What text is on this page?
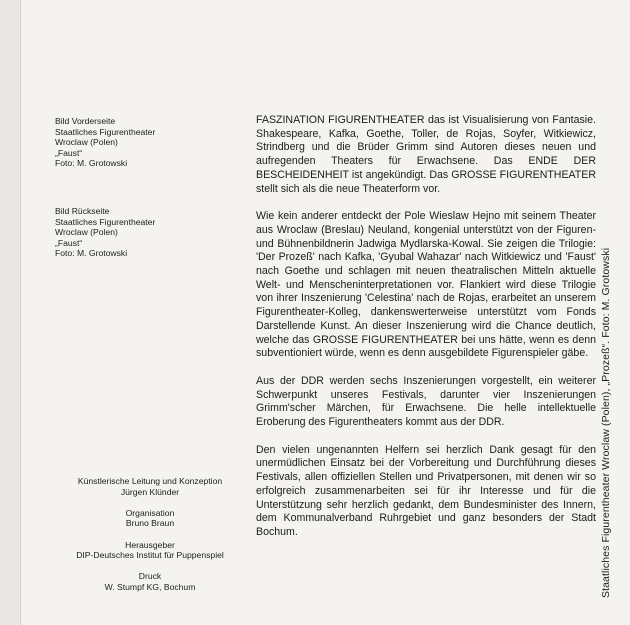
Bild Vorderseite
Staatliches Figurentheater
Wroclaw (Polen)
„Faust“
Foto: M. Grotowski
Bild Rückseite
Staatliches Figurentheater
Wroclaw (Polen)
„Faust“
Foto: M. Grotowski
Künstlerische Leitung und Konzeption
Jürgen Klünder
Organisation
Bruno Braun
Herausgeber
DIP-Deutsches Institut für Puppenspiel
Druck
W. Stumpf KG, Bochum

FASZINATION FIGURENTHEATER das ist Visualisierung von Fantasie. Shakespeare, Kafka, Goethe, Toller, de Rojas, Soyfer, Witkiewicz, Strindberg und die Brüder Grimm sind Autoren dieses neuen und aufregenden Theaters für Erwachsene. Das ENDE DER BESCHEIDENHEIT ist angekündigt. Das GROSSE FIGURENTHEATER stellt sich als die neue Theaterform vor.

Wie kein anderer entdeckt der Pole Wieslaw Hejno mit seinem Theater aus Wroclaw (Breslau) Neuland, kongenial unterstützt von der Figuren- und Bühnenbildnerin Jadwiga Mydlarska-Kowal. Sie zeigen die Trilogie: 'Der Prozeß' nach Kafka, 'Gyubal Wahazar' nach Witkiewicz und 'Faust' nach Goethe und schlagen mit neuen theatralischen Mitteln aktuelle Welt- und Menscheninterpretationen vor. Flankiert wird diese Trilogie von ihrer Inszenierung 'Celestina' nach de Rojas, erarbeitet an unserem Figurentheater-Kolleg, dankenswerterweise unterstützt vom Fonds Darstellende Kunst. An dieser Inszenierung wird die Chance deutlich, welche das GROSSE FIGURENTHEATER bei uns hätte, wenn es denn subventioniert würde, wenn es denn ausgebildete Figurenspieler gäbe.

Aus der DDR werden sechs Inszenierungen vorgestellt, ein weiterer Schwerpunkt unseres Festivals, darunter vier Inszenierungen Grimm'scher Märchen, für Erwachsene. Die helle intellektuelle Eroberung des Figurentheaters kommt aus der DDR.

Den vielen ungenannten Helfern sei herzlich Dank gesagt für den unermüdlichen Einsatz bei der Vorbereitung und Durchführung dieses Festivals, allen offiziellen Stellen und Privatpersonen, mit denen wir so erfolgreich zusammenarbeiten sei für ihr Interesse und für die Unterstützung sehr herzlich gedankt, dem Bundesminister des Innern, dem Kommunalverband Ruhrgebiet und ganz besonders der Stadt Bochum.	Staatliches Figurentheater Wroclaw (Polen), „Prozeß“. Foto: M. Grotowski
